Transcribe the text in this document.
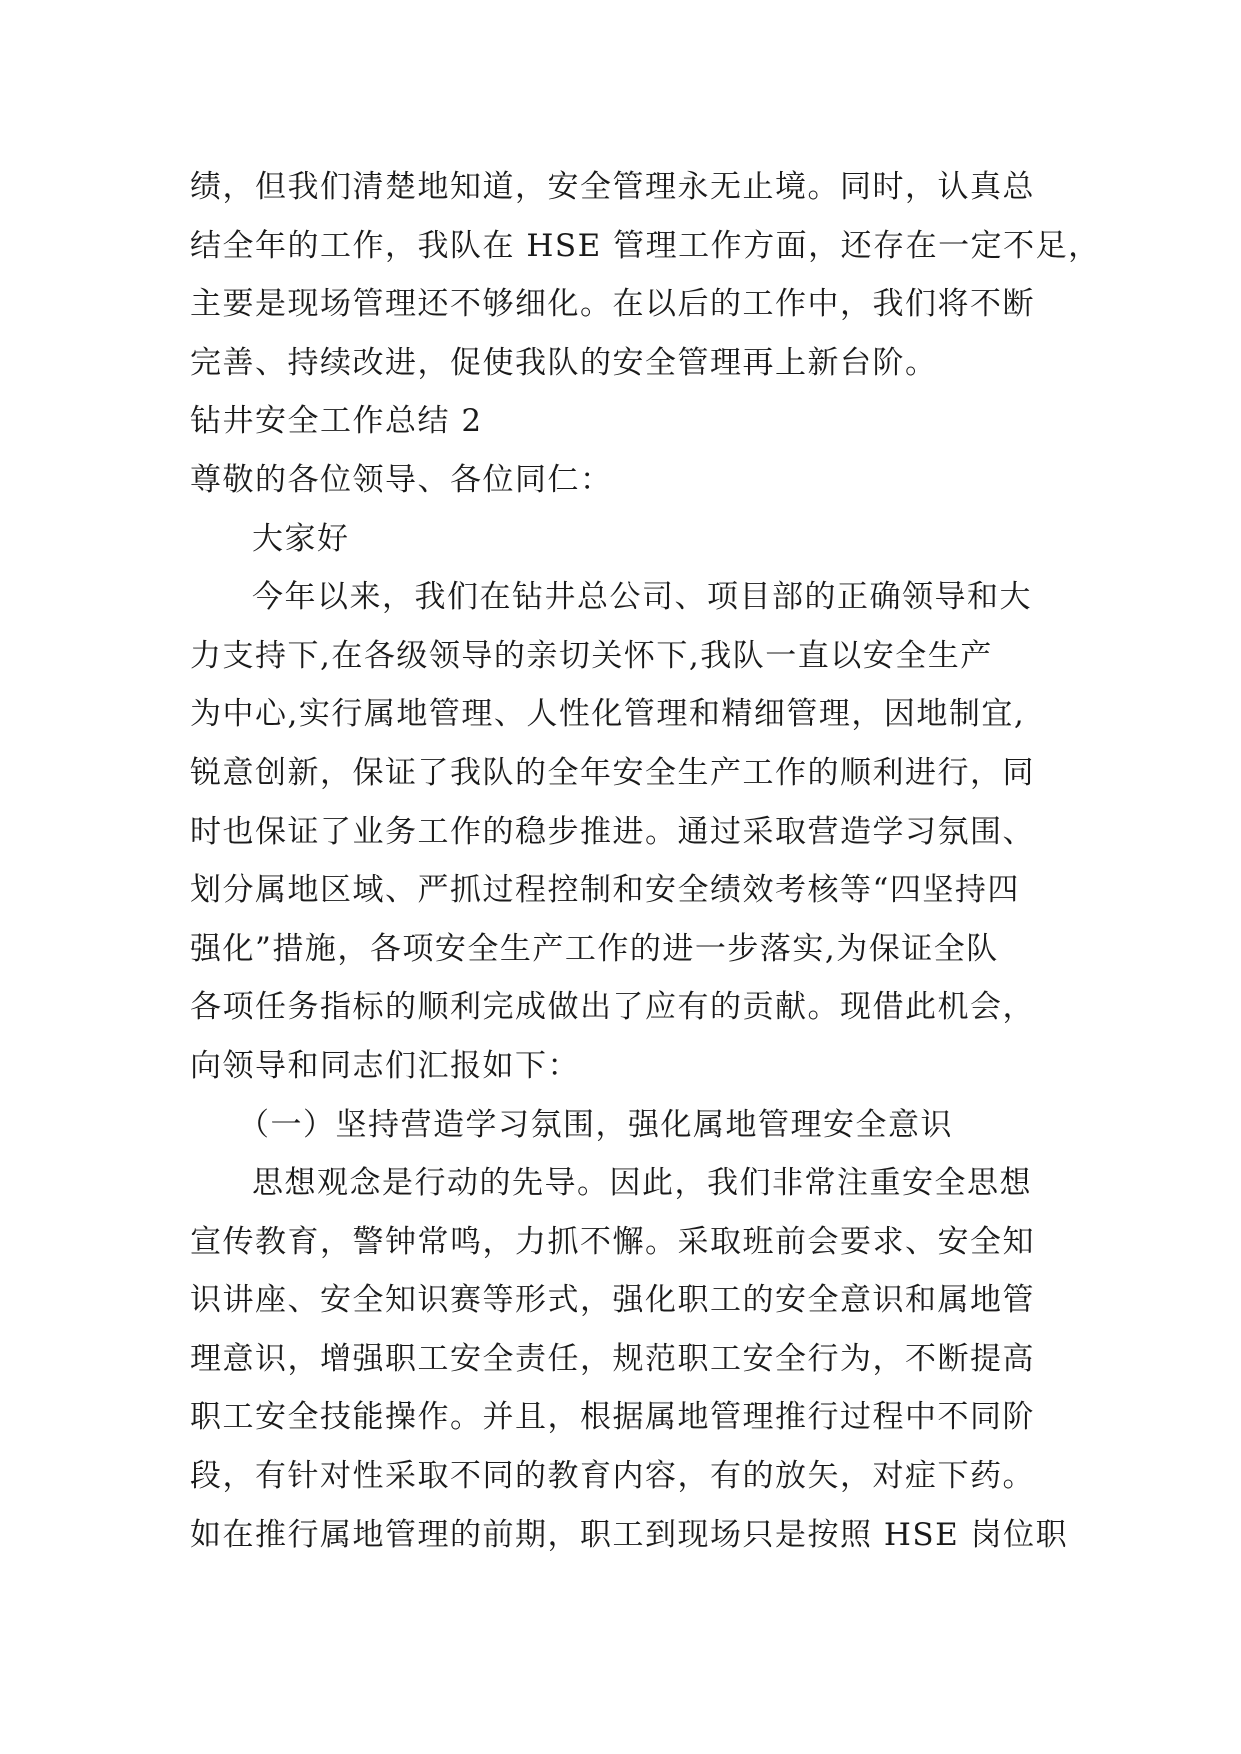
绩，但我们清楚地知道，安全管理永无止境。同时，认真总
结全年的工作，我队在 HSE 管理工作方面，还存在一定不足，
主要是现场管理还不够细化。在以后的工作中，我们将不断
完善、持续改进，促使我队的安全管理再上新台阶。
钻井安全工作总结 2
尊敬的各位领导、各位同仁：
大家好
今年以来，我们在钻井总公司、项目部的正确领导和大
力支持下,在各级领导的亲切关怀下,我队一直以安全生产
为中心,实行属地管理、人性化管理和精细管理，因地制宜,
锐意创新，保证了我队的全年安全生产工作的顺利进行，同
时也保证了业务工作的稳步推进。通过采取营造学习氛围、
划分属地区域、严抓过程控制和安全绩效考核等“四坚持四
强化”措施，各项安全生产工作的进一步落实,为保证全队
各项任务指标的顺利完成做出了应有的贡献。现借此机会，
向领导和同志们汇报如下：
（一）坚持营造学习氛围，强化属地管理安全意识
思想观念是行动的先导。因此，我们非常注重安全思想
宣传教育，警钟常鸣，力抓不懈。采取班前会要求、安全知
识讲座、安全知识赛等形式，强化职工的安全意识和属地管
理意识，增强职工安全责任，规范职工安全行为，不断提高
职工安全技能操作。并且，根据属地管理推行过程中不同阶
段，有针对性采取不同的教育内容，有的放矢，对症下药。
如在推行属地管理的前期，职工到现场只是按照 HSE 岗位职
